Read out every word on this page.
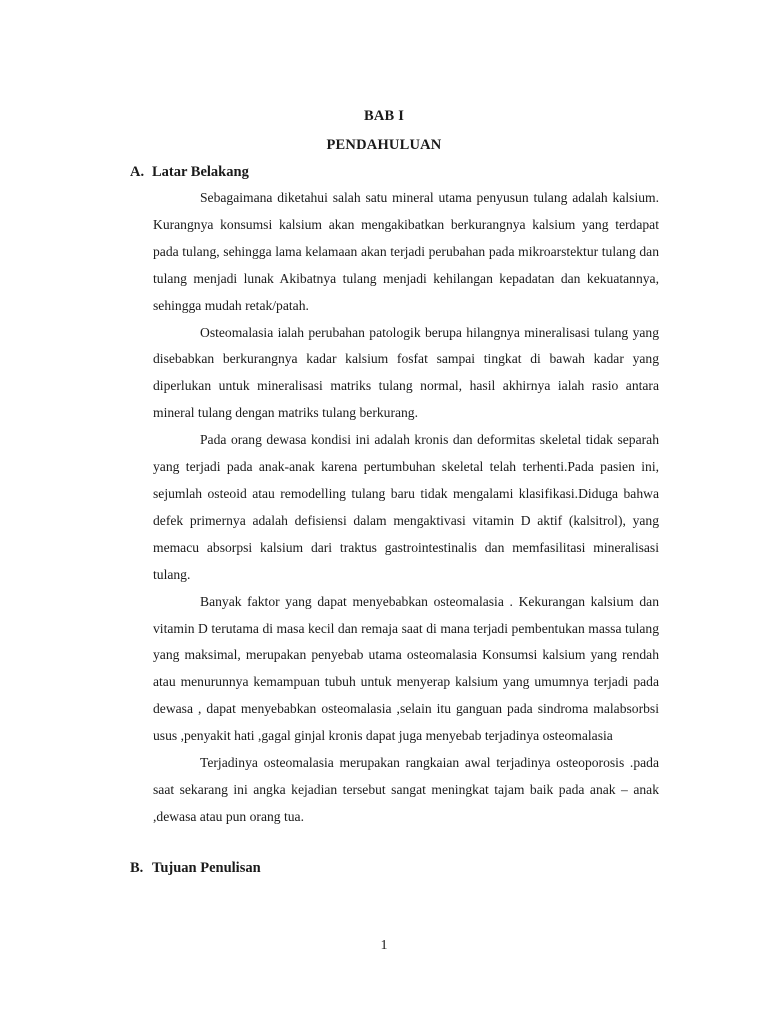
BAB I
PENDAHULUAN
A. Latar Belakang

Sebagaimana diketahui salah satu mineral utama penyusun tulang adalah kalsium. Kurangnya konsumsi kalsium akan mengakibatkan berkurangnya kalsium yang terdapat pada tulang, sehingga lama kelamaan akan terjadi perubahan pada mikroarstektur tulang dan tulang menjadi lunak Akibatnya tulang menjadi kehilangan kepadatan dan kekuatannya, sehingga mudah retak/patah.

Osteomalasia ialah perubahan patologik berupa hilangnya mineralisasi tulang yang disebabkan berkurangnya kadar kalsium fosfat sampai tingkat di bawah kadar yang diperlukan untuk mineralisasi matriks tulang normal, hasil akhirnya ialah rasio antara mineral tulang dengan matriks tulang berkurang.

Pada orang dewasa kondisi ini adalah kronis dan deformitas skeletal tidak separah yang terjadi pada anak-anak karena pertumbuhan skeletal telah terhenti.Pada pasien ini, sejumlah osteoid atau remodelling tulang baru tidak mengalami klasifikasi.Diduga bahwa defek primernya adalah defisiensi dalam mengaktivasi vitamin D aktif (kalsitrol), yang memacu absorpsi kalsium dari traktus gastrointestinalis dan memfasilitasi mineralisasi tulang.

Banyak faktor yang dapat menyebabkan osteomalasia . Kekurangan kalsium dan vitamin D terutama di masa kecil dan remaja saat di mana terjadi pembentukan massa tulang yang maksimal, merupakan penyebab utama osteomalasia Konsumsi kalsium yang rendah atau menurunnya kemampuan tubuh untuk menyerap kalsium yang umumnya terjadi pada dewasa , dapat menyebabkan osteomalasia ,selain itu ganguan pada sindroma malabsorbsi usus ,penyakit hati ,gagal ginjal kronis dapat juga menyebab terjadinya osteomalasia

Terjadinya osteomalasia merupakan rangkaian awal terjadinya osteoporosis .pada saat sekarang ini angka kejadian tersebut sangat meningkat tajam baik pada anak – anak ,dewasa atau pun orang tua.

B. Tujuan Penulisan
1
